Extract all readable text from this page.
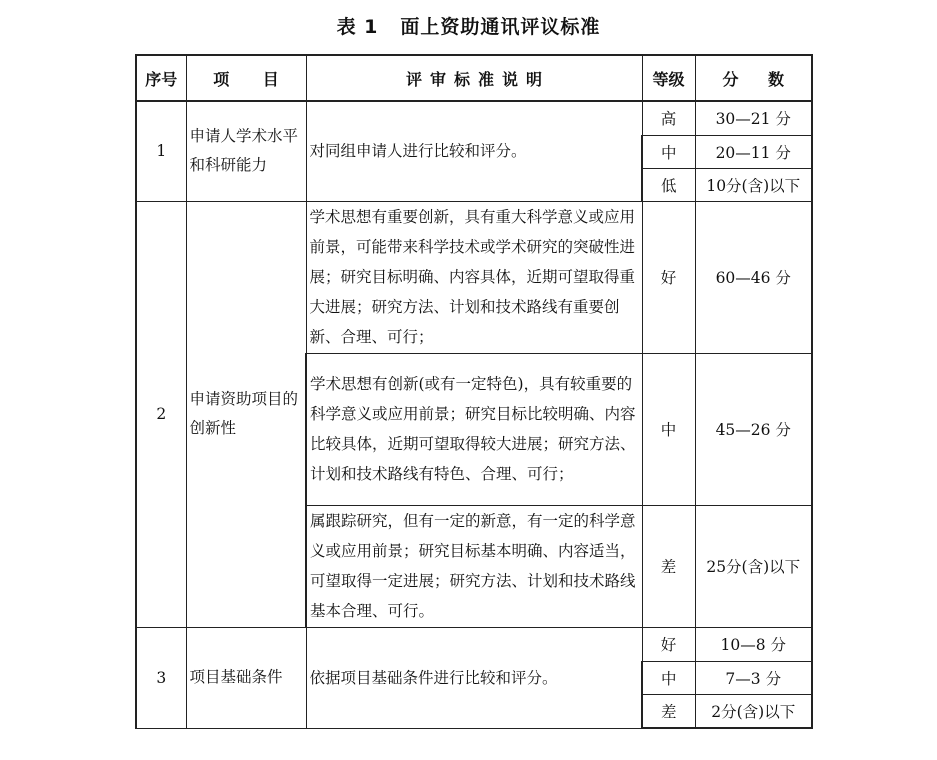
表 1 面上资助通讯评议标准
序号	项 目	评审标准说明	等级	分 数
1	申请人学术水平和科研能力	对同组申请人进行比较和评分。	高	30—21 分
			中	20—11 分
			低	10分(含)以下
2	申请资助项目的创新性	学术思想有重要创新，具有重大科学意义或应用前景，可能带来科学技术或学术研究的突破性进展；研究目标明确、内容具体，近期可望取得重大进展；研究方法、计划和技术路线有重要创新、合理、可行；	好	60—46 分
		学术思想有创新(或有一定特色)，具有较重要的科学意义或应用前景；研究目标比较明确、内容比较具体，近期可望取得较大进展；研究方法、计划和技术路线有特色、合理、可行；	中	45—26 分
		属跟踪研究，但有一定的新意，有一定的科学意义或应用前景；研究目标基本明确、内容适当，可望取得一定进展；研究方法、计划和技术路线基本合理、可行。	差	25分(含)以下
3	项目基础条件	依据项目基础条件进行比较和评分。	好	10—8 分
			中	7—3 分
			差	2分(含)以下
